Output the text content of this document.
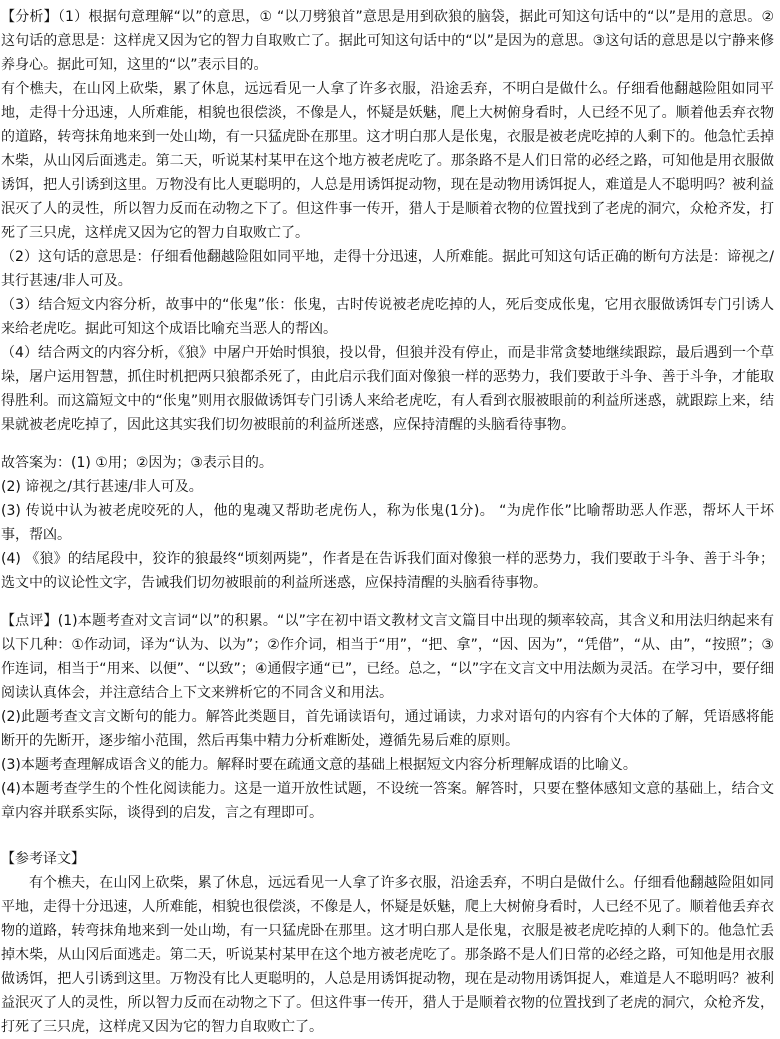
【分析】（1）根据句意理解“以”的意思，① “以刀劈狼首”意思是用到砍狼的脑袋，据此可知这句话中的“以”是用的意思。②这句话的意思是：这样虎又因为它的智力自取败亡了。据此可知这句话中的“以”是因为的意思。③这句话的意思是以宁静来修养身心。据此可知，这里的“以”表示目的。

有个樵夫，在山冈上砍柴，累了休息，远远看见一人拿了许多衣服，沿途丢弃，不明白是做什么。仔细看他翻越险阻如同平地，走得十分迅速，人所难能，相貌也很偿淡，不像是人，怀疑是妖魅，爬上大树俯身看时，人已经不见了。顺着他丢弃衣物的道路，转弯抹角地来到一处山坳，有一只猛虎卧在那里。这才明白那人是伥鬼，衣服是被老虎吃掉的人剩下的。他急忙丢掉木柴，从山冈后面逃走。第二天，听说某村某甲在这个地方被老虎吃了。那条路不是人们日常的必经之路，可知他是用衣服做诱饵，把人引诱到这里。万物没有比人更聪明的，人总是用诱饵捉动物，现在是动物用诱饵捉人，难道是人不聪明吗？被利益泯灭了人的灵性，所以智力反而在动物之下了。但这件事一传开，猎人于是顺着衣物的位置找到了老虎的洞穴，众枪齐发，打死了三只虎，这样虎又因为它的智力自取败亡了。

（2）这句话的意思是：仔细看他翻越险阻如同平地，走得十分迅速，人所难能。据此可知这句话正确的断句方法是：谛视之/其行甚速/非人可及。

（3）结合短文内容分析，故事中的“伥鬼”伥：伥鬼，古时传说被老虎吃掉的人，死后变成伥鬼，它用衣服做诱饵专门引诱人来给老虎吃。据此可知这个成语比喻充当恶人的帮凶。

（4）结合两文的内容分析，《狼》中屠户开始时惧狼，投以骨，但狼并没有停止，而是非常贪婪地继续跟踪，最后遇到一个草垛，屠户运用智慧，抓住时机把两只狼都杀死了，由此启示我们面对像狼一样的恶势力，我们要敢于斗争、善于斗争，才能取得胜利。而这篇短文中的“伥鬼”则用衣服做诱饵专门引诱人来给老虎吃，有人看到衣服被眼前的利益所迷惑，就跟踪上来，结果就被老虎吃掉了，因此这其实我们切勿被眼前的利益所迷惑，应保持清醒的头脑看待事物。

故答案为：(1) ①用；②因为；③表示目的。

(2) 谛视之/其行甚速/非人可及。

(3) 传说中认为被老虎咬死的人，他的鬼魂又帮助老虎伤人，称为伥鬼(1分)。 “为虎作伥”比喻帮助恶人作恶，帮坏人干坏事，帮凶。

(4) 《狼》的结尾段中，狡诈的狼最终“顷刻两毙”，作者是在告诉我们面对像狼一样的恶势力，我们要敢于斗争、善于斗争；选文中的议论性文字，告诫我们切勿被眼前的利益所迷惑，应保持清醒的头脑看待事物。

【点评】(1)本题考查对文言词“以”的积累。“以”字在初中语文教材文言文篇目中出现的频率较高，其含义和用法归纳起来有以下几种：①作动词，译为“认为、以为”；②作介词，相当于“用”，“把、拿”，“因、因为”，“凭借”，“从、由”，“按照”；③作连词，相当于“用来、以便”、“以致”；④通假字通“已”，已经。总之，“以”字在文言文中用法颇为灵活。在学习中，要仔细阅读认真体会，并注意结合上下文来辨析它的不同含义和用法。

(2)此题考查文言文断句的能力。解答此类题目，首先诵读语句，通过诵读，力求对语句的内容有个大体的了解，凭语感将能断开的先断开，逐步缩小范围，然后再集中精力分析难断处，遵循先易后难的原则。

(3)本题考查理解成语含义的能力。解释时要在疏通文意的基础上根据短文内容分析理解成语的比喻义。

(4)本题考查学生的个性化阅读能力。这是一道开放性试题，不设统一答案。解答时，只要在整体感知文意的基础上，结合文章内容并联系实际，谈得到的启发，言之有理即可。

【参考译文】

有个樵夫，在山冈上砍柴，累了休息，远远看见一人拿了许多衣服，沿途丢弃，不明白是做什么。仔细看他翻越险阻如同平地，走得十分迅速，人所难能，相貌也很偿淡，不像是人，怀疑是妖魅，爬上大树俯身看时，人已经不见了。顺着他丢弃衣物的道路，转弯抹角地来到一处山坳，有一只猛虎卧在那里。这才明白那人是伥鬼，衣服是被老虎吃掉的人剩下的。他急忙丢掉木柴，从山冈后面逃走。第二天，听说某村某甲在这个地方被老虎吃了。那条路不是人们日常的必经之路，可知他是用衣服做诱饵，把人引诱到这里。万物没有比人更聪明的，人总是用诱饵捉动物，现在是动物用诱饵捉人，难道是人不聪明吗？被利益泯灭了人的灵性，所以智力反而在动物之下了。但这件事一传开，猎人于是顺着衣物的位置找到了老虎的洞穴，众枪齐发，打死了三只虎，这样虎又因为它的智力自取败亡了。
